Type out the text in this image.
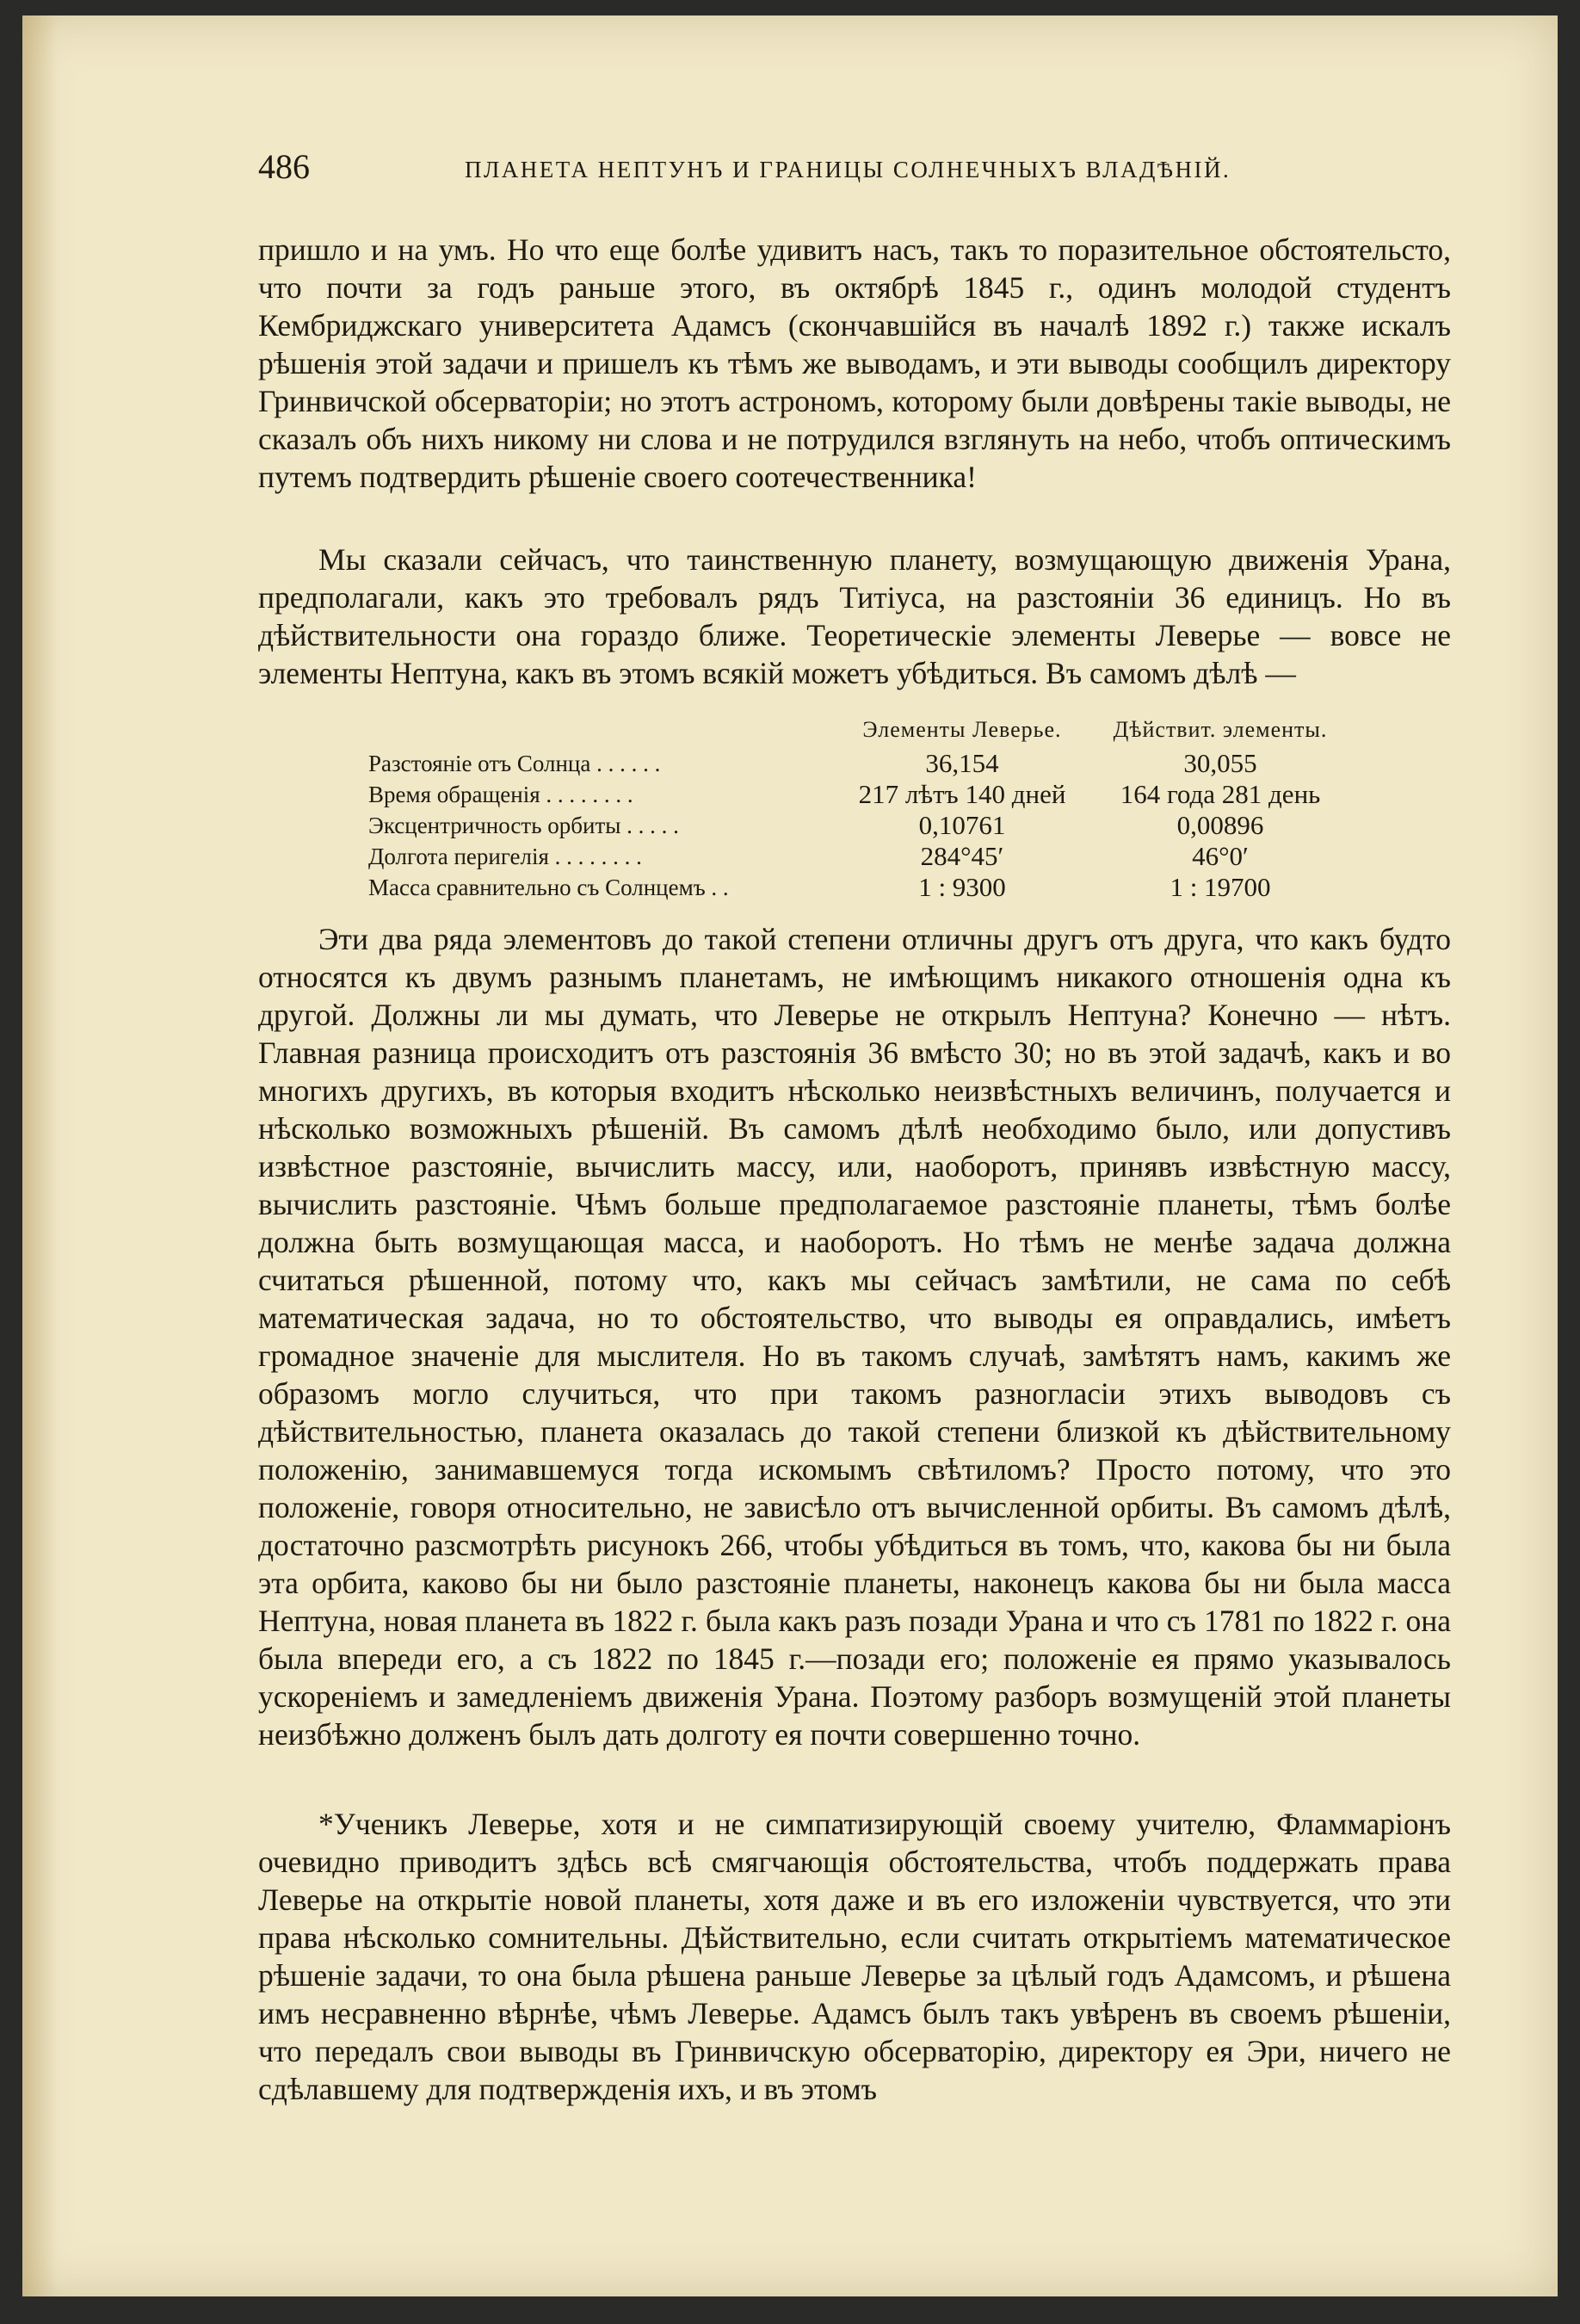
486	ПЛАНЕТА НЕПТУНЪ И ГРАНИЦЫ СОЛНЕЧНЫХЪ ВЛАДѢНІЙ.

пришло и на умъ. Но что еще болѣе удивитъ насъ, такъ то поразительное обстоятельсто, что почти за годъ раньше этого, въ октябрѣ 1845 г., одинъ молодой студентъ Кембриджскаго университета Адамсъ (скончавшійся въ началѣ 1892 г.) также искалъ рѣшенія этой задачи и пришелъ къ тѣмъ же выводамъ, и эти выводы сообщилъ директору Гринвичской обсерваторіи; но этотъ астрономъ, которому были довѣрены такіе выводы, не сказалъ объ нихъ никому ни слова и не потрудился взглянуть на небо, чтобъ оптическимъ путемъ подтвердить рѣшеніе своего соотечественника!

Мы сказали сейчасъ, что таинственную планету, возмущающую движенія Урана, предполагали, какъ это требовалъ рядъ Титіуса, на разстояніи 36 единицъ. Но въ дѣйствительности она гораздо ближе. Теоретическіе элементы Леверье — вовсе не элементы Нептуна, какъ въ этомъ всякій можетъ убѣдиться. Въ самомъ дѣлѣ —

	Элементы Леверье.	Дѣйствит. элементы.
Разстояніе отъ Солнца . . . . . .	36,154	30,055
Время обращенія . . . . . . . .	217 лѣтъ 140 дней	164 года 281 день
Эксцентричность орбиты . . . . .	0,10761	0,00896
Долгота перигелія . . . . . . . .	284°45′	46°0′
Масса сравнительно съ Солнцемъ . .	1 : 9300	1 : 19700

Эти два ряда элементовъ до такой степени отличны другъ отъ друга, что какъ будто относятся къ двумъ разнымъ планетамъ, не имѣющимъ никакого отношенія одна къ другой. Должны ли мы думать, что Леверье не открылъ Нептуна? Конечно — нѣтъ. Главная разница происходитъ отъ разстоянія 36 вмѣсто 30; но въ этой задачѣ, какъ и во многихъ другихъ, въ которыя входитъ нѣсколько неизвѣстныхъ величинъ, получается и нѣсколько возможныхъ рѣшеній. Въ самомъ дѣлѣ необходимо было, или допустивъ извѣстное разстояніе, вычислить массу, или, наоборотъ, принявъ извѣстную массу, вычислить разстояніе. Чѣмъ больше предполагаемое разстояніе планеты, тѣмъ болѣе должна быть возмущающая масса, и наоборотъ. Но тѣмъ не менѣе задача должна считаться рѣшенной, потому что, какъ мы сейчасъ замѣтили, не сама по себѣ математическая задача, но то обстоятельство, что выводы ея оправдались, имѣетъ громадное значеніе для мыслителя. Но въ такомъ случаѣ, замѣтятъ намъ, какимъ же образомъ могло случиться, что при такомъ разногласіи этихъ выводовъ съ дѣйствительностью, планета оказалась до такой степени близкой къ дѣйствительному положенію, занимавшемуся тогда искомымъ свѣтиломъ? Просто потому, что это положеніе, говоря относительно, не зависѣло отъ вычисленной орбиты. Въ самомъ дѣлѣ, достаточно разсмотрѣть рисунокъ 266, чтобы убѣдиться въ томъ, что, какова бы ни была эта орбита, каково бы ни было разстояніе планеты, наконецъ какова бы ни была масса Нептуна, новая планета въ 1822 г. была какъ разъ позади Урана и что съ 1781 по 1822 г. она была впереди его, а съ 1822 по 1845 г.—позади его; положеніе ея прямо указывалось ускореніемъ и замедленіемъ движенія Урана. Поэтому разборъ возмущеній этой планеты неизбѣжно долженъ былъ дать долготу ея почти совершенно точно.

*Ученикъ Леверье, хотя и не симпатизирующій своему учителю, Фламмаріонъ очевидно приводитъ здѣсь всѣ смягчающія обстоятельства, чтобъ поддержать права Леверье на открытіе новой планеты, хотя даже и въ его изложеніи чувствуется, что эти права нѣсколько сомнительны. Дѣйствительно, если считать открытіемъ математическое рѣшеніе задачи, то она была рѣшена раньше Леверье за цѣлый годъ Адамсомъ, и рѣшена имъ несравненно вѣрнѣе, чѣмъ Леверье. Адамсъ былъ такъ увѣренъ въ своемъ рѣшеніи, что передалъ свои выводы въ Гринвичскую обсерваторію, директору ея Эри, ничего не сдѣлавшему для подтвержденія ихъ, и въ этомъ
